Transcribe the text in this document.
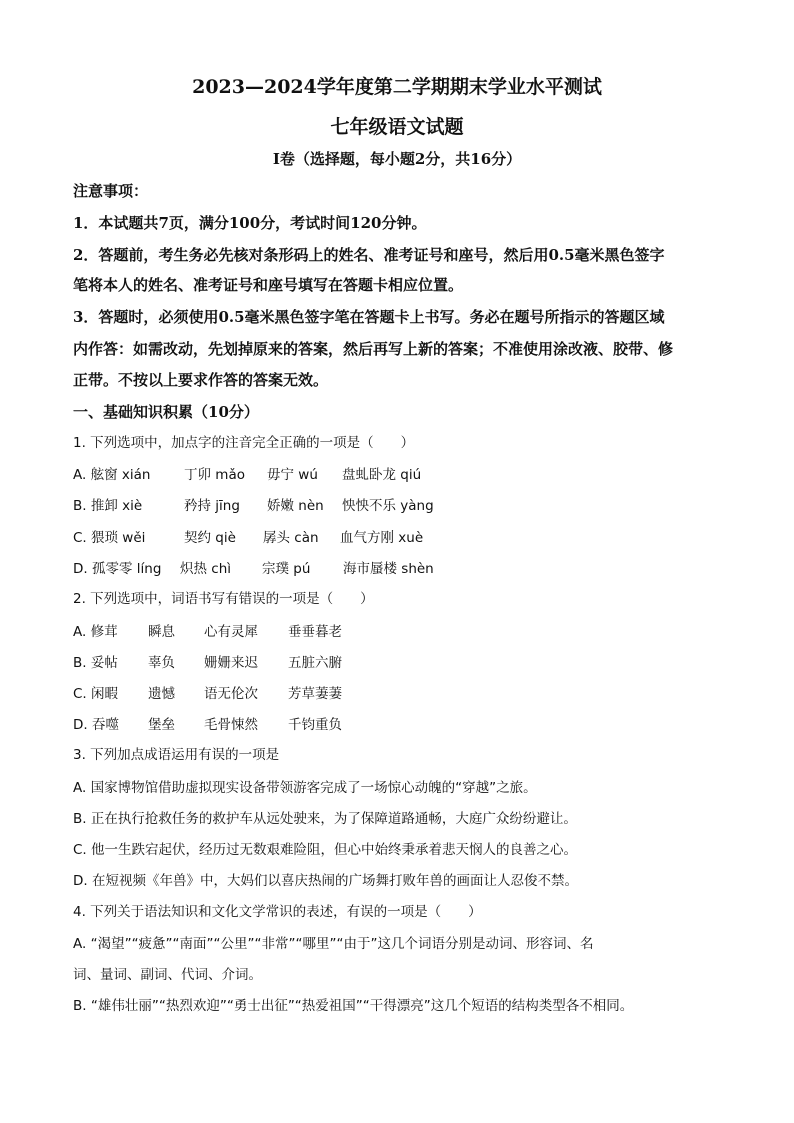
2023—2024学年度第二学期期末学业水平测试
七年级语文试题
Ⅰ卷（选择题，每小题2分，共16分）
注意事项：
1．本试题共7页，满分100分，考试时间120分钟。
2．答题前，考生务必先核对条形码上的姓名、准考证号和座号，然后用0.5毫米黑色签字
笔将本人的姓名、准考证号和座号填写在答题卡相应位置。
3．答题时，必须使用0.5毫米黑色签字笔在答题卡上书写。务必在题号所指示的答题区域
内作答：如需改动，先划掉原来的答案，然后再写上新的答案；不准使用涂改液、胶带、修
正带。不按以上要求作答的答案无效。
一、基础知识积累（10分）
1. 下列选项中，加点字的注音完全正确的一项是（　　）
A. 舷窗 xián 丁卯 mǎo 毋宁 wú 盘虬卧龙 qiú
B. 推卸 xiè	矜持 jīng 娇嫩 nèn 怏怏不乐 yàng
C. 猥琐 wěi	契约 qiè 孱头 càn 血气方刚 xuè
D. 孤零零 líng 炽热 chì 宗璞 pú 海市蜃楼 shèn
2. 下列选项中，词语书写有错误的一项是（　　）
A. 修茸 瞬息 心有灵犀 垂垂暮老
B. 妥帖 辜负 姗姗来迟 五脏六腑
C. 闲暇 遗憾 语无伦次 芳草萋萋
D. 吞噬 堡垒 毛骨悚然 千钧重负
3. 下列加点成语运用有误的一项是
A. 国家博物馆借助虚拟现实设备带领游客完成了一场惊心动魄的“穿越”之旅。
B. 正在执行抢救任务的救护车从远处驶来，为了保障道路通畅，大庭广众纷纷避让。
C. 他一生跌宕起伏，经历过无数艰难险阻，但心中始终秉承着悲天悯人的良善之心。
D. 在短视频《年兽》中，大妈们以喜庆热闹的广场舞打败年兽的画面让人忍俊不禁。
4. 下列关于语法知识和文化文学常识的表述，有误的一项是（　　）
A. “渴望”“疲惫”“南面”“公里”“非常”“哪里”“由于”这几个词语分别是动词、形容词、名
词、量词、副词、代词、介词。
B. “雄伟壮丽”“热烈欢迎”“勇士出征”“热爱祖国”“干得漂亮”这几个短语的结构类型各不相同。
